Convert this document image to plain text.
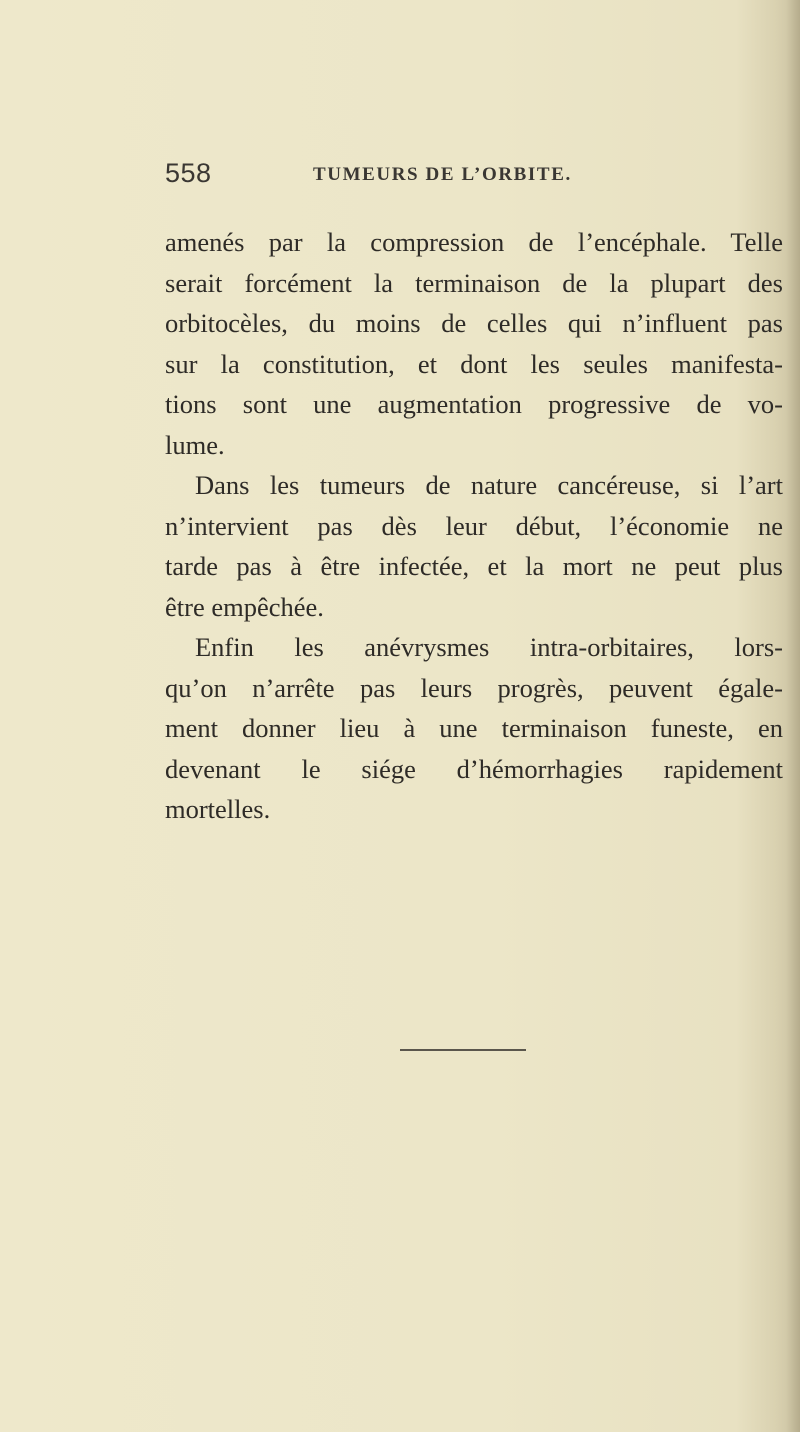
558	TUMEURS DE L’ORBITE.
amenés par la compression de l’encéphale. Telle
serait forcément la terminaison de la plupart des
orbitocèles, du moins de celles qui n’influent pas
sur la constitution, et dont les seules manifesta-
tions sont une augmentation progressive de vo-
lume.
Dans les tumeurs de nature cancéreuse, si l’art
n’intervient pas dès leur début, l’économie ne
tarde pas à être infectée, et la mort ne peut plus
être empêchée.
Enfin les anévrysmes intra-orbitaires, lors-
qu’on n’arrête pas leurs progrès, peuvent égale-
ment donner lieu à une terminaison funeste, en
devenant le siége d’hémorrhagies rapidement
mortelles.
